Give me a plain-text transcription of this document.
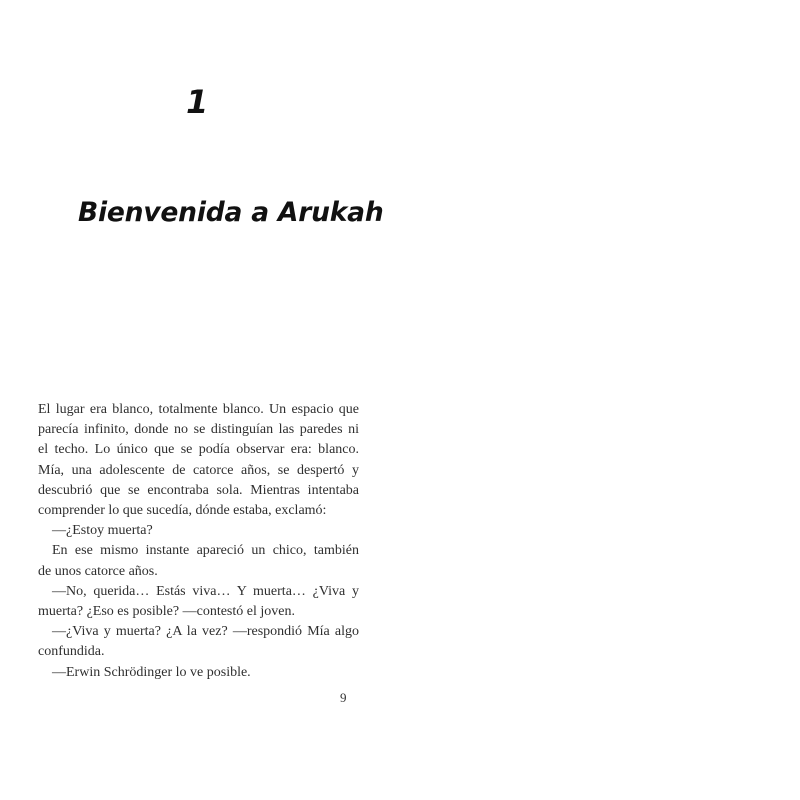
1
Bienvenida a Arukah
El lugar era blanco, totalmente blanco. Un espacio que
parecía infinito, donde no se distinguían las paredes ni
el techo. Lo único que se podía observar era: blanco.
Mía, una adolescente de catorce años, se despertó y
descubrió que se encontraba sola. Mientras intentaba
comprender lo que sucedía, dónde estaba, exclamó:
—¿Estoy muerta?
En ese mismo instante apareció un chico, también
de unos catorce años.
—No, querida… Estás viva… Y muerta… ¿Viva y
muerta? ¿Eso es posible? —contestó el joven.
—¿Viva y muerta? ¿A la vez? —respondió Mía algo
confundida.
—Erwin Schrödinger lo ve posible.
9
